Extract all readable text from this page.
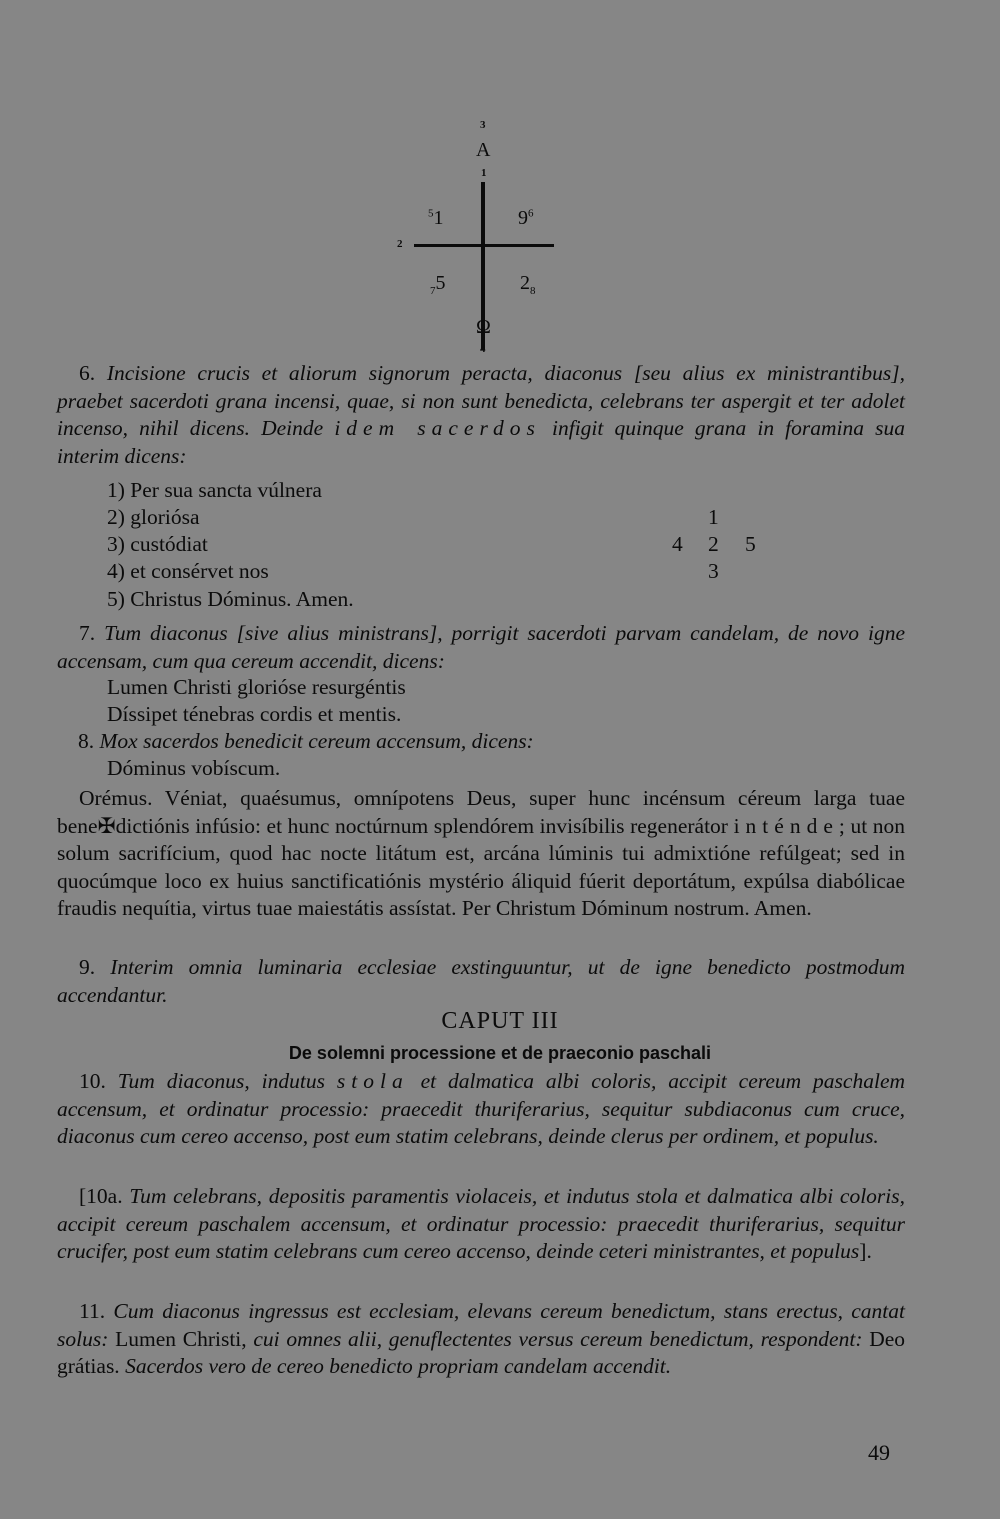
3
A
1
$^5$1	$9^6$
2
$_7$5	$2_8$
Ω
4
6. Incisione crucis et aliorum signorum peracta, diaconus [seu alius ex ministrantibus], praebet sacerdoti grana incensi, quae, si non sunt benedicta, celebrans ter aspergit et ter adolet incenso, nihil dicens. Deinde idem sacerdos infigit quinque grana in foramina sua interim dicens:
1) Per sua sancta vúlnera
2) gloriósa
3) custódiat
4) et consérvet nos
5) Christus Dóminus. Amen.
1
4 2 5
3
7. Tum diaconus [sive alius ministrans], porrigit sacerdoti parvam candelam, de novo igne accensam, cum qua cereum accendit, dicens:
Lumen Christi glorióse resurgéntis
Díssipet ténebras cordis et mentis.
8. Mox sacerdos benedicit cereum accensum, dicens:
Dóminus vobíscum.
Orémus. Véniat, quaésumus, omnípotens Deus, super hunc incénsum céreum larga tuae bene✠dictiónis infúsio: et hunc noctúrnum splendórem invisíbilis regenerátor inténde; ut non solum sacrifícium, quod hac nocte litátum est, arcána lúminis tui admixtióne refúlgeat; sed in quocúmque loco ex huius sanctificatiónis mystério áliquid fúerit deportátum, expúlsa diabólicae fraudis nequítia, virtus tuae maiestátis assístat. Per Christum Dóminum nostrum. Amen.
9. Interim omnia luminaria ecclesiae exstinguuntur, ut de igne benedicto postmodum accendantur.
CAPUT III
De solemni processione et de praeconio paschali
10. Tum diaconus, indutus stola et dalmatica albi coloris, accipit cereum paschalem accensum, et ordinatur processio: praecedit thuriferarius, sequitur subdiaconus cum cruce, diaconus cum cereo accenso, post eum statim celebrans, deinde clerus per ordinem, et populus.
[10a. Tum celebrans, depositis paramentis violaceis, et indutus stola et dalmatica albi coloris, accipit cereum paschalem accensum, et ordinatur processio: praecedit thuriferarius, sequitur crucifer, post eum statim celebrans cum cereo accenso, deinde ceteri ministrantes, et populus].
11. Cum diaconus ingressus est ecclesiam, elevans cereum benedictum, stans erectus, cantat solus: Lumen Christi, cui omnes alii, genuflectentes versus cereum benedictum, respondent: Deo grátias. Sacerdos vero de cereo benedicto propriam candelam accendit.
49
